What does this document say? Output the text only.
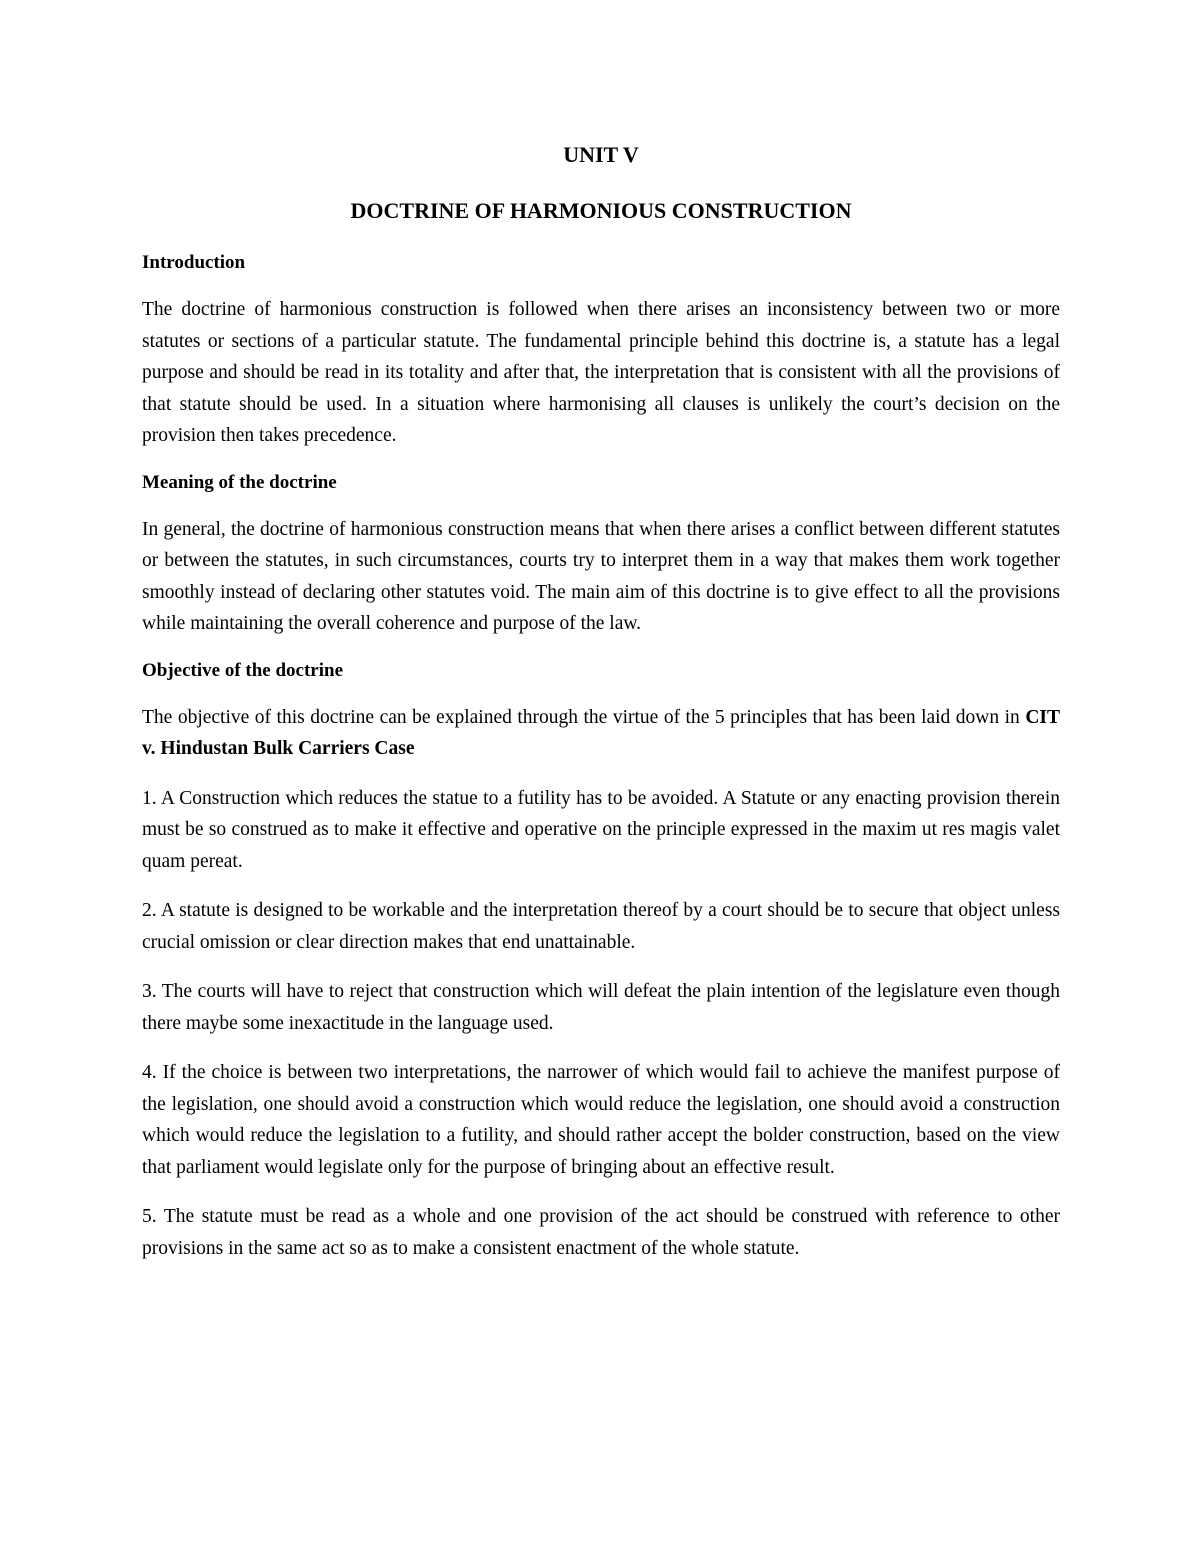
UNIT V
DOCTRINE OF HARMONIOUS CONSTRUCTION
Introduction

The doctrine of harmonious construction is followed when there arises an inconsistency between two or more statutes or sections of a particular statute. The fundamental principle behind this doctrine is, a statute has a legal purpose and should be read in its totality and after that, the interpretation that is consistent with all the provisions of that statute should be used. In a situation where harmonising all clauses is unlikely the court’s decision on the provision then takes precedence.

Meaning of the doctrine

In general, the doctrine of harmonious construction means that when there arises a conflict between different statutes or between the statutes, in such circumstances, courts try to interpret them in a way that makes them work together smoothly instead of declaring other statutes void. The main aim of this doctrine is to give effect to all the provisions while maintaining the overall coherence and purpose of the law.

Objective of the doctrine

The objective of this doctrine can be explained through the virtue of the 5 principles that has been laid down in CIT v. Hindustan Bulk Carriers Case

1. A Construction which reduces the statue to a futility has to be avoided. A Statute or any enacting provision therein must be so construed as to make it effective and operative on the principle expressed in the maxim ut res magis valet quam pereat.

2. A statute is designed to be workable and the interpretation thereof by a court should be to secure that object unless crucial omission or clear direction makes that end unattainable.

3. The courts will have to reject that construction which will defeat the plain intention of the legislature even though there maybe some inexactitude in the language used.

4. If the choice is between two interpretations, the narrower of which would fail to achieve the manifest purpose of the legislation, one should avoid a construction which would reduce the legislation, one should avoid a construction which would reduce the legislation to a futility, and should rather accept the bolder construction, based on the view that parliament would legislate only for the purpose of bringing about an effective result.

5. The statute must be read as a whole and one provision of the act should be construed with reference to other provisions in the same act so as to make a consistent enactment of the whole statute.
